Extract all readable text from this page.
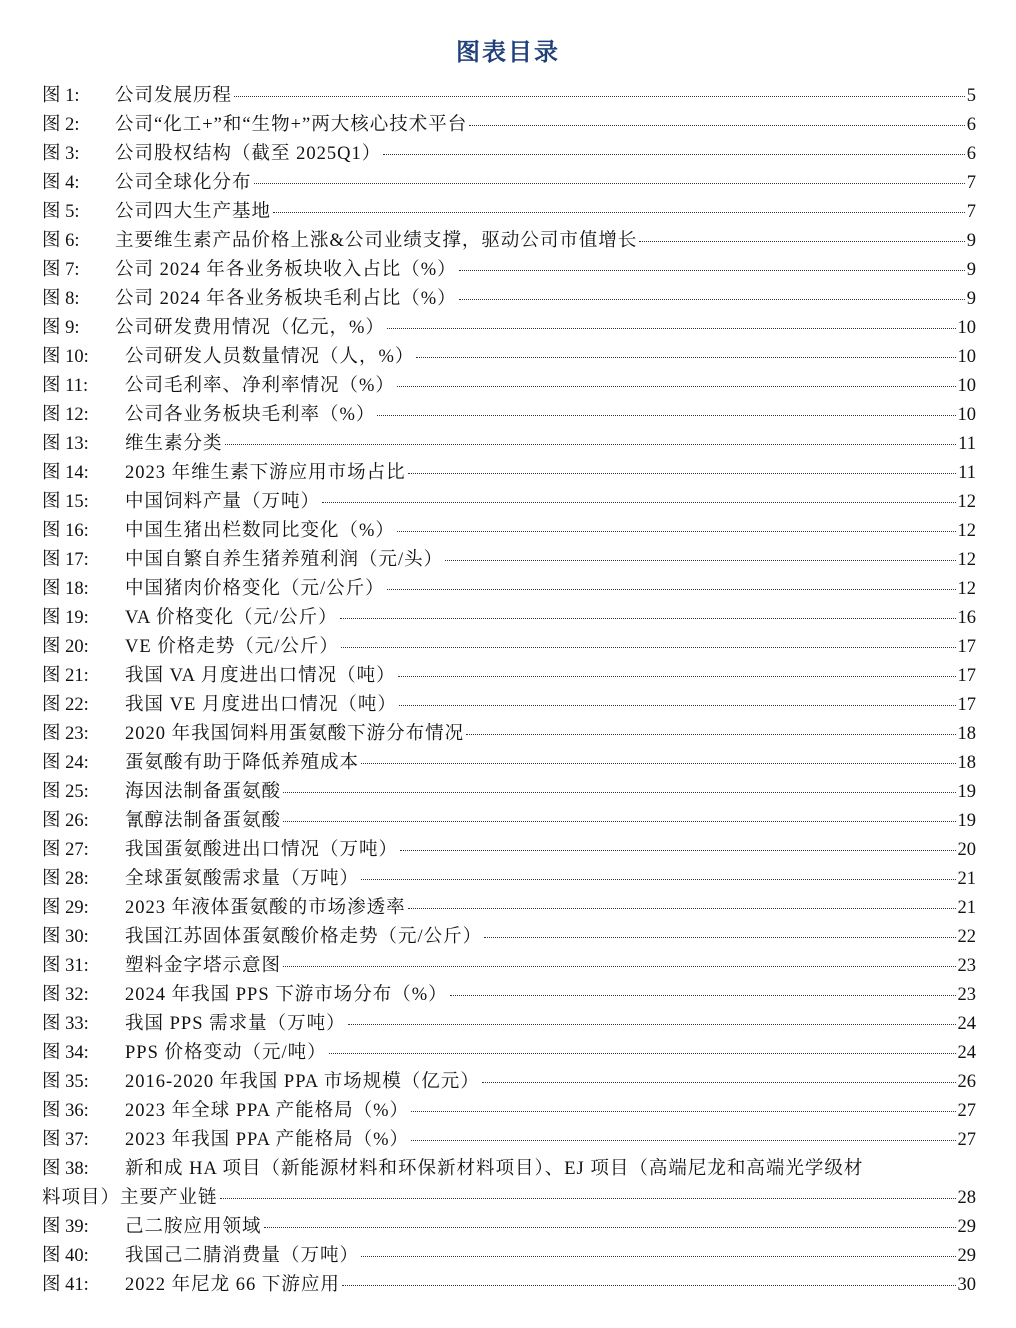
图表目录
图 1:	公司发展历程	5
图 2:	公司“化工+”和“生物+”两大核心技术平台	6
图 3:	公司股权结构（截至 2025Q1）	6
图 4:	公司全球化分布	7
图 5:	公司四大生产基地	7
图 6:	主要维生素产品价格上涨&公司业绩支撑，驱动公司市值增长	9
图 7:	公司 2024 年各业务板块收入占比（%）	9
图 8:	公司 2024 年各业务板块毛利占比（%）	9
图 9:	公司研发费用情况（亿元，%）	10
图 10:	公司研发人员数量情况（人，%）	10
图 11:	公司毛利率、净利率情况（%）	10
图 12:	公司各业务板块毛利率（%）	10
图 13:	维生素分类	11
图 14:	2023 年维生素下游应用市场占比	11
图 15:	中国饲料产量（万吨）	12
图 16:	中国生猪出栏数同比变化（%）	12
图 17:	中国自繁自养生猪养殖利润（元/头）	12
图 18:	中国猪肉价格变化（元/公斤）	12
图 19:	VA 价格变化（元/公斤）	16
图 20:	VE 价格走势（元/公斤）	17
图 21:	我国 VA 月度进出口情况（吨）	17
图 22:	我国 VE 月度进出口情况（吨）	17
图 23:	2020 年我国饲料用蛋氨酸下游分布情况	18
图 24:	蛋氨酸有助于降低养殖成本	18
图 25:	海因法制备蛋氨酸	19
图 26:	氰醇法制备蛋氨酸	19
图 27:	我国蛋氨酸进出口情况（万吨）	20
图 28:	全球蛋氨酸需求量（万吨）	21
图 29:	2023 年液体蛋氨酸的市场渗透率	21
图 30:	我国江苏固体蛋氨酸价格走势（元/公斤）	22
图 31:	塑料金字塔示意图	23
图 32:	2024 年我国 PPS 下游市场分布（%）	23
图 33:	我国 PPS 需求量（万吨）	24
图 34:	PPS 价格变动（元/吨）	24
图 35:	2016-2020 年我国 PPA 市场规模（亿元）	26
图 36:	2023 年全球 PPA 产能格局（%）	27
图 37:	2023 年我国 PPA 产能格局（%）	27
图 38:	新和成 HA 项目（新能源材料和环保新材料项目）、EJ 项目（高端尼龙和高端光学级材
料项目）主要产业链	28
图 39:	己二胺应用领域	29
图 40:	我国己二腈消费量（万吨）	29
图 41:	2022 年尼龙 66 下游应用	30
